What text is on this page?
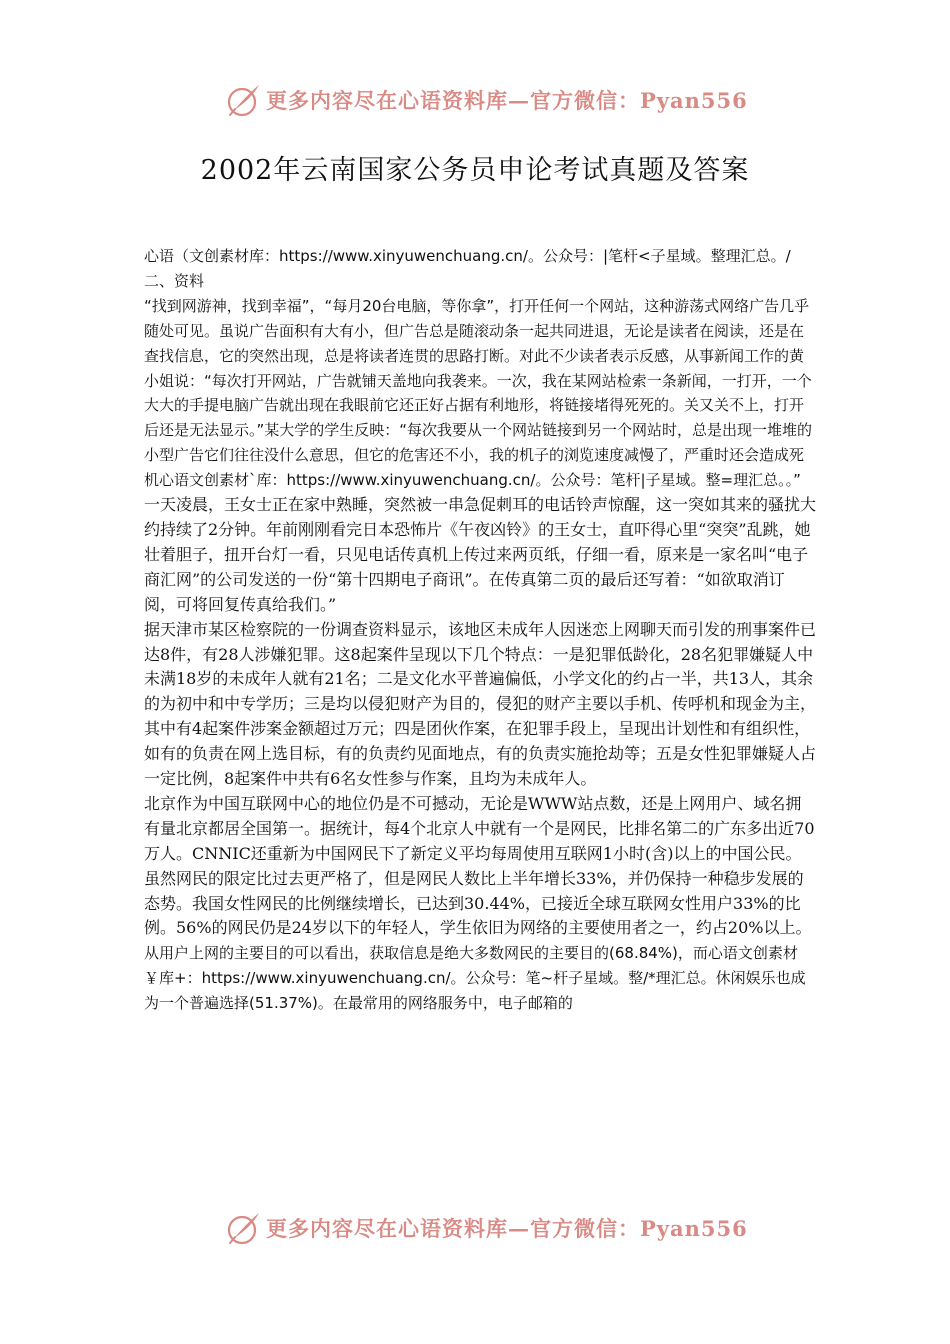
更多内容尽在心语资料库—官方微信：Pyan556
2002年云南国家公务员申论考试真题及答案

心语（文创素材库：https://www.xinyuwenchuang.cn/。公众号：|笔杆<子星域。整理汇总。/二、资料

“找到网游神，找到幸福”，“每月20台电脑，等你拿”，打开任何一个网站，这种游荡式网络广告几乎随处可见。虽说广告面积有大有小，但广告总是随滚动条一起共同进退，无论是读者在阅读，还是在查找信息，它的突然出现，总是将读者连贯的思路打断。对此不少读者表示反感，从事新闻工作的黄小姐说：“每次打开网站，广告就铺天盖地向我袭来。一次，我在某网站检索一条新闻，一打开，一个大大的手提电脑广告就出现在我眼前它还正好占据有利地形，将链接堵得死死的。关又关不上，打开后还是无法显示。”某大学的学生反映：“每次我要从一个网站链接到另一个网站时，总是出现一堆堆的小型广告它们往往没什么意思，但它的危害还不小，我的机子的浏览速度减慢了，严重时还会造成死机心语文创素材`库：https://www.xinyuwenchuang.cn/。公众号：笔杆|子星域。整=理汇总。。”

一天凌晨，王女士正在家中熟睡，突然被一串急促刺耳的电话铃声惊醒，这一突如其来的骚扰大约持续了2分钟。年前刚刚看完日本恐怖片《午夜凶铃》的王女士，直吓得心里“突突”乱跳，她壮着胆子，扭开台灯一看，只见电话传真机上传过来两页纸，仔细一看，原来是一家名叫“电子商汇网”的公司发送的一份“第十四期电子商讯”。在传真第二页的最后还写着：“如欲取消订阅，可将回复传真给我们。”

据天津市某区检察院的一份调查资料显示，该地区未成年人因迷恋上网聊天而引发的刑事案件已达8件，有28人涉嫌犯罪。这8起案件呈现以下几个特点：一是犯罪低龄化，28名犯罪嫌疑人中未满18岁的未成年人就有21名；二是文化水平普遍偏低，小学文化的约占一半，共13人，其余的为初中和中专学历；三是均以侵犯财产为目的，侵犯的财产主要以手机、传呼机和现金为主，其中有4起案件涉案金额超过万元；四是团伙作案，在犯罪手段上，呈现出计划性和有组织性，如有的负责在网上选目标，有的负责约见面地点，有的负责实施抢劫等；五是女性犯罪嫌疑人占一定比例，8起案件中共有6名女性参与作案，且均为未成年人。

北京作为中国互联网中心的地位仍是不可撼动，无论是WWW站点数，还是上网用户、域名拥有量北京都居全国第一。据统计，每4个北京人中就有一个是网民，比排名第二的广东多出近70万人。CNNIC还重新为中国网民下了新定义平均每周使用互联网1小时(含)以上的中国公民。虽然网民的限定比过去更严格了，但是网民人数比上半年增长33%，并仍保持一种稳步发展的态势。我国女性网民的比例继续增长，已达到30.44%，已接近全球互联网女性用户33%的比例。56%的网民仍是24岁以下的年轻人，学生依旧为网络的主要使用者之一，约占20%以上。

从用户上网的主要目的可以看出，获取信息是绝大多数网民的主要目的(68.84%)，而心语文创素材￥库+：https://www.xinyuwenchuang.cn/。公众号：笔~杆子星域。整/*理汇总。休闲娱乐也成为一个普遍选择(51.37%)。在最常用的网络服务中，电子邮箱的

更多内容尽在心语资料库—官方微信：Pyan556
